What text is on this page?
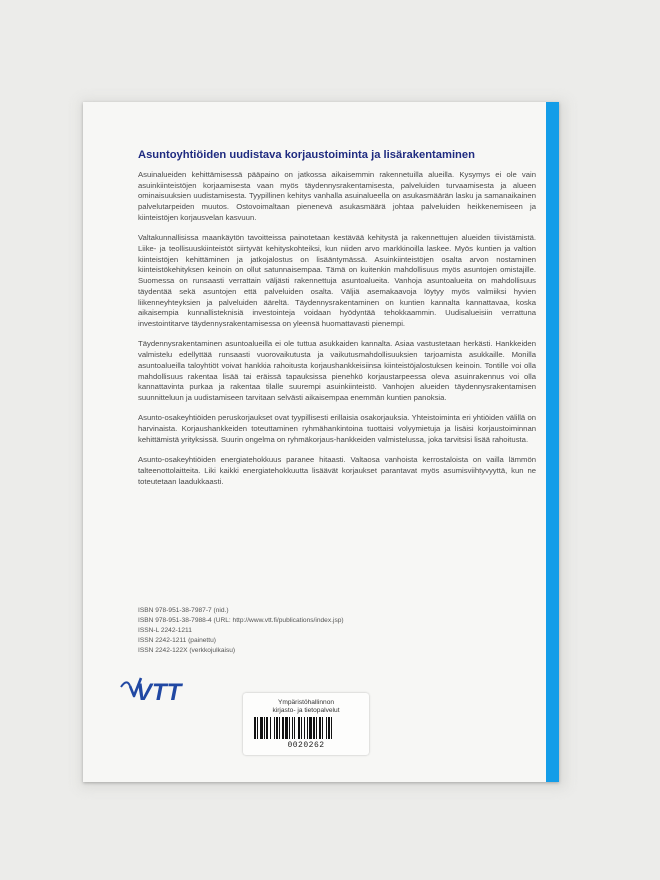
Asuntoyhtiöiden uudistava korjaustoiminta ja lisärakentaminen

Asuinalueiden kehittämisessä pääpaino on jatkossa aikaisemmin rakennetuilla alueilla. Kysymys ei ole vain asuinkiinteistöjen korjaamisesta vaan myös täydennysrakentamisesta, palveluiden turvaamisesta ja alueen ominaisuuksien uudistamisesta. Tyypillinen kehitys vanhalla asuinalueella on asukasmäärän lasku ja samanaikainen palvelutarpeiden muutos. Ostovoimaltaan pienenevä asukasmäärä johtaa palveluiden heikkenemiseen ja kiinteistöjen korjausvelan kasvuun.

Valtakunnallisissa maankäytön tavoitteissa painotetaan kestävää kehitystä ja rakennettujen alueiden tiivistämistä. Liike- ja teollisuuskiinteistöt siirtyvät kehityskohteiksi, kun niiden arvo markkinoilla laskee. Myös kuntien ja valtion kiinteistöjen kehittäminen ja jatkojalostus on lisääntymässä. Asuinkiinteistöjen osalta arvon nostaminen kiinteistökehityksen keinoin on ollut satunnaisempaa. Tämä on kuitenkin mahdollisuus myös asuntojen omistajille. Suomessa on runsaasti verrattain väljästi rakennettuja asuntoalueita. Vanhoja asuntoalueita on mahdollisuus täydentää sekä asuntojen että palveluiden osalta. Väljiä asemakaavoja löytyy myös valmiiksi hyvien liikenneyhteyksien ja palveluiden ääreltä. Täydennysrakentaminen on kuntien kannalta kannattavaa, koska aikaisempia kunnallisteknisiä investointeja voidaan hyödyntää tehokkaammin. Uudisalueisiin verrattuna investointitarve täydennysrakentamisessa on yleensä huomattavasti pienempi.

Täydennysrakentaminen asuntoalueilla ei ole tuttua asukkaiden kannalta. Asiaa vastustetaan herkästi. Hankkeiden valmistelu edellyttää runsaasti vuorovaikutusta ja vaikutusmahdollisuuksien tarjoamista asukkaille. Monilla asuntoalueilla taloyhtiöt voivat hankkia rahoitusta korjaushankkeisiinsa kiinteistöjalostuksen keinoin. Tontille voi olla mahdollisuus rakentaa lisää tai eräissä tapauksissa pienehkö korjaustarpeessa oleva asuinrakennus voi olla kannattavinta purkaa ja rakentaa tilalle suurempi asuinkiinteistö. Vanhojen alueiden täydennysrakentamisen suunnitteluun ja uudistamiseen tarvitaan selvästi aikaisempaa enemmän kuntien panoksia.

Asunto-osakeyhtiöiden peruskorjaukset ovat tyypillisesti erillaisia osakorjauksia. Yhteistoiminta eri yhtiöiden välillä on harvinaista. Korjaushankkeiden toteuttaminen ryhmähankintoina tuottaisi volyymietuja ja lisäisi korjaustoiminnan kehittämistä yrityksissä. Suurin ongelma on ryhmäkorjaus-hankkeiden valmistelussa, joka tarvitsisi lisää rahoitusta.

Asunto-osakeyhtiöiden energiatehokkuus paranee hitaasti. Valtaosa vanhoista kerrostaloista on vailla lämmön talteenottolaitteita. Liki kaikki energiatehokkuutta lisäävät korjaukset parantavat myös asumisviihtyvyyttä, kun ne toteutetaan laadukkaasti.

ISBN 978-951-38-7987-7 (nid.)
ISBN 978-951-38-7988-4 (URL: http://www.vtt.fi/publications/index.jsp)
ISSN-L 2242-1211
ISSN 2242-1211 (painettu)
ISSN 2242-122X (verkkojulkaisu)
VTT	Ympäristöhallinnon
kirjasto- ja tietopalvelut
0020262
